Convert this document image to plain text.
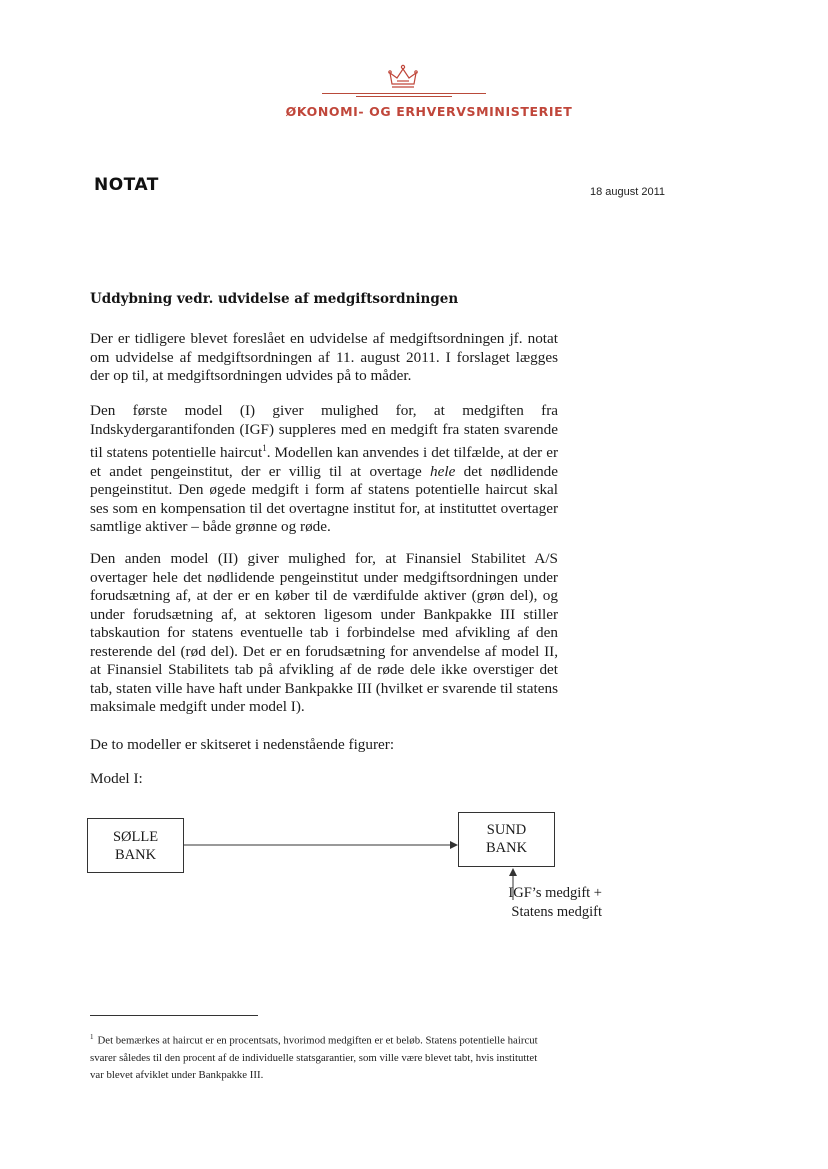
ØKONOMI- OG ERHVERVSMINISTERIET
NOTAT	18 august 2011
Uddybning vedr. udvidelse af medgiftsordningen

Der er tidligere blevet foreslået en udvidelse af medgiftsordningen jf. notat om udvidelse af medgiftsordningen af 11. august 2011. I forslaget lægges der op til, at medgiftsordningen udvides på to måder.

Den første model (I) giver mulighed for, at medgiften fra Indskydergarantifonden (IGF) suppleres med en medgift fra staten svarende til statens potentielle haircut$^1$. Modellen kan anvendes i det tilfælde, at der er et andet pengeinstitut, der er villig til at overtage hele det nødlidende pengeinstitut. Den øgede medgift i form af statens potentielle haircut skal ses som en kompensation til det overtagne institut for, at instituttet overtager samtlige aktiver – både grønne og røde.

Den anden model (II) giver mulighed for, at Finansiel Stabilitet A/S overtager hele det nødlidende pengeinstitut under medgiftsordningen under forudsætning af, at der er en køber til de værdifulde aktiver (grøn del), og under forudsætning af, at sektoren ligesom under Bankpakke III stiller tabskaution for statens eventuelle tab i forbindelse med afvikling af den resterende del (rød del). Det er en forudsætning for anvendelse af model II, at Finansiel Stabilitets tab på afvikling af de røde dele ikke overstiger det tab, staten ville have haft under Bankpakke III (hvilket er svarende til statens maksimale medgift under model I).

De to modeller er skitseret i nedenstående figurer:

Model I:

SØLLE
BANK
SUND
BANK
IGF’s medgift +
Statens medgift

$^1$ Det bemærkes at haircut er en procentsats, hvorimod medgiften er et beløb. Statens potentielle haircut svarer således til den procent af de individuelle statsgarantier, som ville være blevet tabt, hvis instituttet var blevet afviklet under Bankpakke III.
